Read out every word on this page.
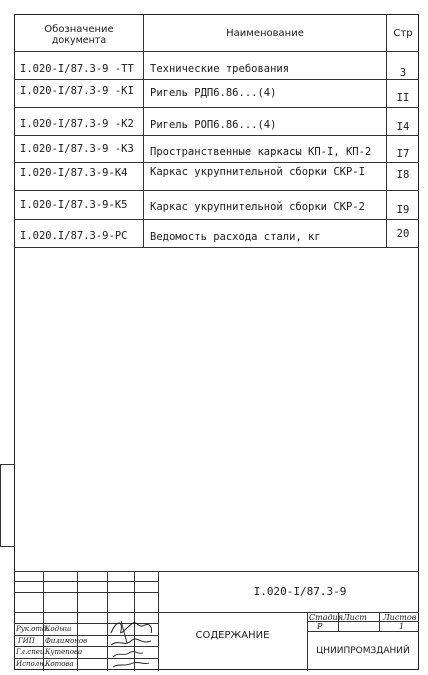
Обозначение
документа
Наименование	Стр
I.020-I/87.3-9 -TT Технические требования	3
I.020-I/87.3-9 -KI Ригель РДП6.86...(4)	II
I.020-I/87.3-9 -K2 Ригель РОП6.86...(4)	I4
I.020-I/87.3-9 -K3 Пространственные каркасы КП-I, КП-2	I7
I.020-I/87.3-9-K4 Каркас укрупнительной сборки СКР-I	I8
I.020-I/87.3-9-K5 Каркас укрупнительной сборки СКР-2	I9
I.020.I/87.3-9-PC Ведомость расхода стали, кг	20
I.020-I/87.3-9
СОДЕРЖАНИЕ
ЦНИИПРОМЗДАНИЙ
Стадия Лист Листов
Р	1
Рук.отд.
Кодыш
ГИП Филимонов
Гл.спец.
Кутепова
Исполн.
Котова
